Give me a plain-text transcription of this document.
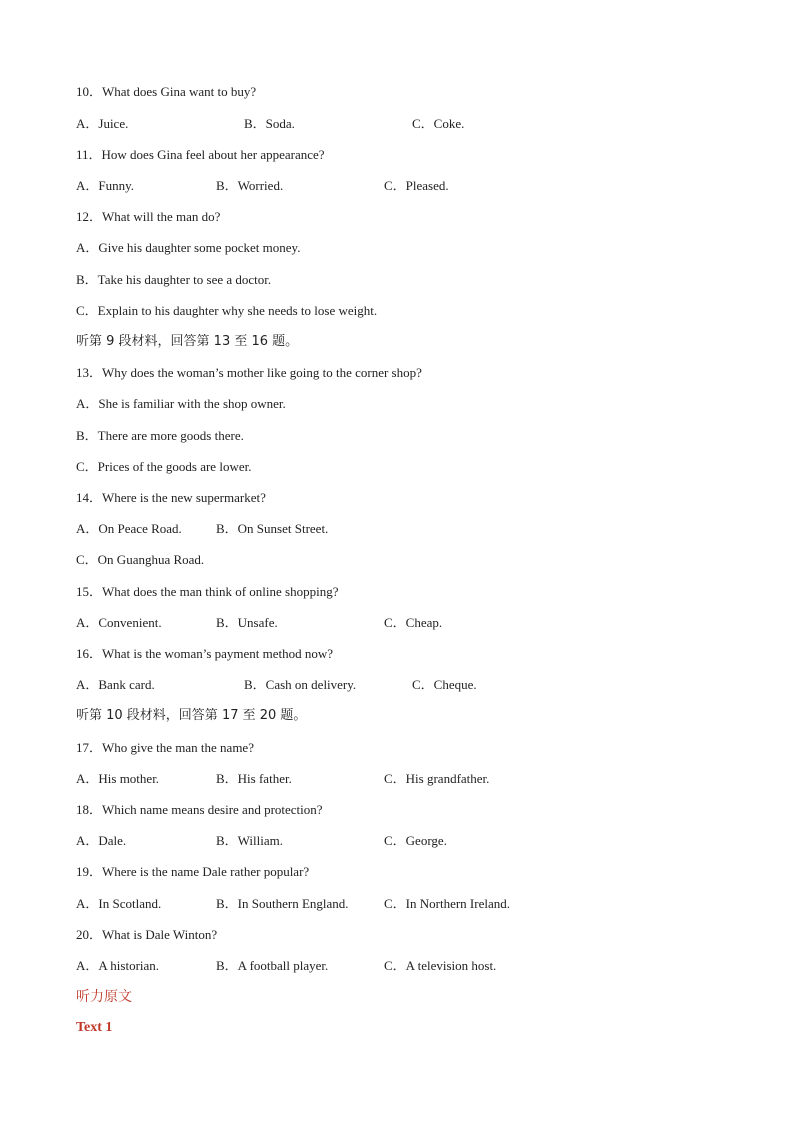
10．What does Gina want to buy?
A．Juice.	B．Soda.	C．Coke.
11．How does Gina feel about her appearance?
A．Funny.	B．Worried.	C．Pleased.
12．What will the man do?
A．Give his daughter some pocket money.
B．Take his daughter to see a doctor.
C．Explain to his daughter why she needs to lose weight.
听第 9 段材料，回答第 13 至 16 题。
13．Why does the woman’s mother like going to the corner shop?
A．She is familiar with the shop owner.
B．There are more goods there.
C．Prices of the goods are lower.
14．Where is the new supermarket?
A．On Peace Road.	B．On Sunset Street.
C．On Guanghua Road.
15．What does the man think of online shopping?
A．Convenient.	B．Unsafe.	C．Cheap.
16．What is the woman’s payment method now?
A．Bank card.	B．Cash on delivery.	C．Cheque.
听第 10 段材料，回答第 17 至 20 题。
17．Who give the man the name?
A．His mother.	B．His father.	C．His grandfather.
18．Which name means desire and protection?
A．Dale.	B．William.	C．George.
19．Where is the name Dale rather popular?
A．In Scotland.	B．In Southern England.	C．In Northern Ireland.
20．What is Dale Winton?
A．A historian.	B．A football player.	C．A television host.
听力原文
Text 1
